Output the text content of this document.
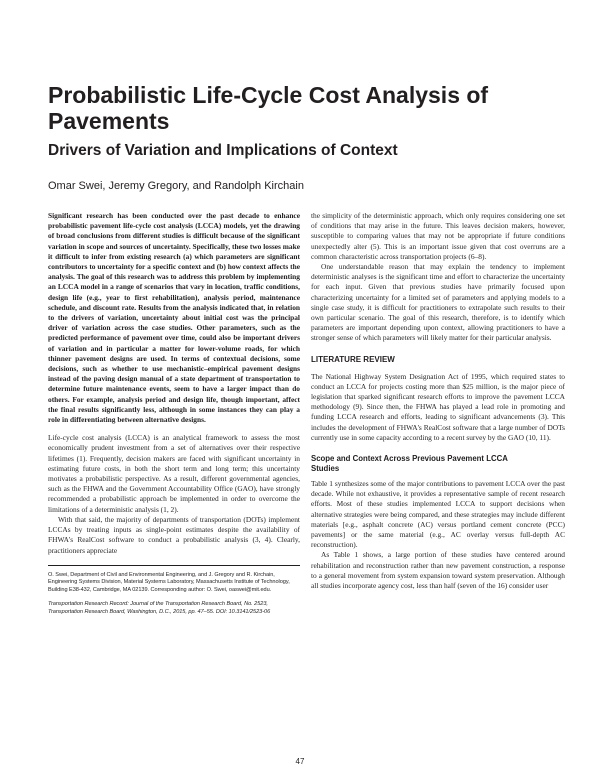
Probabilistic Life-Cycle Cost Analysis of Pavements
Drivers of Variation and Implications of Context
Omar Swei, Jeremy Gregory, and Randolph Kirchain

Significant research has been conducted over the past decade to enhance probabilistic pavement life-cycle cost analysis (LCCA) models, yet the drawing of broad conclusions from different studies is difficult because of the significant variation in scope and sources of uncertainty. Specifically, these two losses make it difficult to infer from existing research (a) which parameters are significant contributors to uncertainty for a specific context and (b) how context affects the analysis. The goal of this research was to address this problem by implementing an LCCA model in a range of scenarios that vary in location, traffic conditions, design life (e.g., year to first rehabilitation), analysis period, maintenance schedule, and discount rate. Results from the analysis indicated that, in relation to the drivers of variation, uncertainty about initial cost was the principal driver of variation across the case studies. Other parameters, such as the predicted performance of pavement over time, could also be important drivers of variation and in particular a matter for lower-volume roads, for which thinner pavement designs are used. In terms of contextual decisions, some decisions, such as whether to use mechanistic–empirical pavement designs instead of the paving design manual of a state department of transportation to determine future maintenance events, seem to have a larger impact than do others. For example, analysis period and design life, though important, affect the final results significantly less, although in some instances they can play a role in differentiating between alternative designs.

Life-cycle cost analysis (LCCA) is an analytical framework to assess the most economically prudent investment from a set of alternatives over their respective lifetimes (1). Frequently, decision makers are faced with significant uncertainty in estimating future costs, in both the short term and long term; this uncertainty motivates a probabilistic perspective. As a result, different governmental agencies, such as the FHWA and the Government Accountability Office (GAO), have strongly recommended a probabilistic approach be implemented in order to overcome the limitations of a deterministic analysis (1, 2).

With that said, the majority of departments of transportation (DOTs) implement LCCAs by treating inputs as single-point estimates despite the availability of FHWA's RealCost software to conduct a probabilistic analysis (3, 4). Clearly, practitioners appreciate

O. Swei, Department of Civil and Environmental Engineering, and J. Gregory and R. Kirchain, Engineering Systems Division, Material Systems Laboratory, Massachusetts Institute of Technology, Building E38-432, Cambridge, MA 02139. Corresponding author: O. Swei, oaswei@mit.edu.

Transportation Research Record: Journal of the Transportation Research Board, No. 2523, Transportation Research Board, Washington, D.C., 2015, pp. 47–55. DOI: 10.3141/2523-06

the simplicity of the deterministic approach, which only requires considering one set of conditions that may arise in the future. This leaves decision makers, however, susceptible to comparing values that may not be appropriate if future conditions unexpectedly alter (5). This is an important issue given that cost overruns are a common characteristic across transportation projects (6–8).

One understandable reason that may explain the tendency to implement deterministic analyses is the significant time and effort to characterize the uncertainty for each input. Given that previous studies have primarily focused upon characterizing uncertainty for a limited set of parameters and applying models to a single case study, it is difficult for practitioners to extrapolate such results to their own particular scenario. The goal of this research, therefore, is to identify which parameters are important depending upon context, allowing practitioners to have a stronger sense of which parameters will likely matter for their particular analysis.

LITERATURE REVIEW

The National Highway System Designation Act of 1995, which required states to conduct an LCCA for projects costing more than $25 million, is the major piece of legislation that sparked significant research efforts to improve the pavement LCCA methodology (9). Since then, the FHWA has played a lead role in promoting and funding LCCA research and efforts, leading to significant advancements (3). This includes the development of FHWA's RealCost software that a large number of DOTs currently use in some capacity according to a recent survey by the GAO (10, 11).

Scope and Context Across Previous Pavement LCCA Studies

Table 1 synthesizes some of the major contributions to pavement LCCA over the past decade. While not exhaustive, it provides a representative sample of recent research efforts. Most of these studies implemented LCCA to support decisions when alternative strategies were being compared, and these strategies may include different materials [e.g., asphalt concrete (AC) versus portland cement concrete (PCC) pavements] or the same material (e.g., AC overlay versus full-depth AC reconstruction).

As Table 1 shows, a large portion of these studies have centered around rehabilitation and reconstruction rather than new pavement construction, a response to a general movement from system expansion toward system preservation. Although all studies incorporate agency cost, less than half (seven of the 16) consider user

47
